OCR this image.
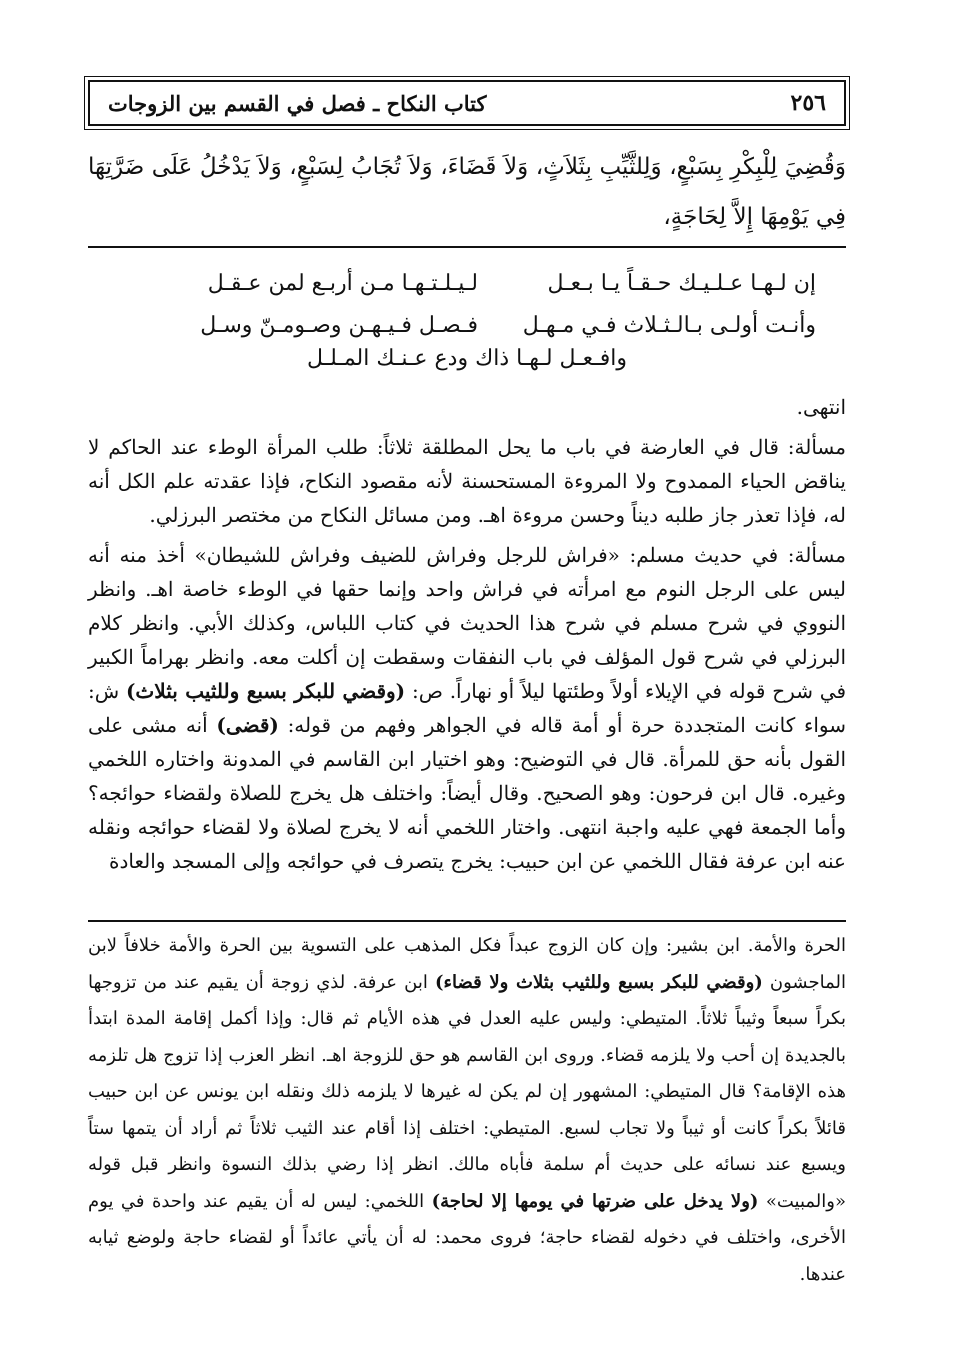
٢٥٦
كتاب النكاح ـ فصل في القسم بين الزوجات
وَقُضِيَ لِلْبِكْرِ بِسَبْعٍ، وَلِلثَّيِّبِ بِثَلاَثٍ، وَلاَ قَضَاءَ، وَلاَ تُجَابُ لِسَبْعٍ، وَلاَ يَدْخُلُ عَلَى ضَرَّتِهَا فِي يَوْمِهَا إِلاَّ لِحَاجَةٍ،
إن لـهـا عـلـيـك حـقـاً يـا بـعـل
لـيـلـتـهـا مـن أربـع لمن عـقـل
وأنـت أولـى بـالـثـلاث فـي مـهـل
فـصـل فـيـهـن وصـومـنّ وسـل
وافـعـل لـهـا ذاك ودع عـنـك المـلـل

انتهى.

مسألة: قال في العارضة في باب ما يحل المطلقة ثلاثاً: طلب المرأة الوطء عند الحاكم لا يناقض الحياء الممدوح ولا المروءة المستحسنة لأنه مقصود النكاح، فإذا عقدته علم الكل أنه له، فإذا تعذر جاز طلبه ديناً وحسن مروءة اهـ. ومن مسائل النكاح من مختصر البرزلي.

مسألة: في حديث مسلم: «فراش للرجل وفراش للضيف وفراش للشيطان» أخذ منه أنه ليس على الرجل النوم مع امرأته في فراش واحد وإنما حقها في الوطء خاصة اهـ. وانظر النووي في شرح مسلم في شرح هذا الحديث في كتاب اللباس، وكذلك الأبي. وانظر كلام البرزلي في شرح قول المؤلف في باب النفقات وسقطت إن أكلت معه. وانظر بهراماً الكبير في شرح قوله في الإيلاء أولاً وطئتها ليلاً أو نهاراً. ص: (وقضي للبكر بسبع وللثيب بثلاث) ش: سواء كانت المتجددة حرة أو أمة قاله في الجواهر وفهم من قوله: (قضى) أنه مشى على القول بأنه حق للمرأة. قال في التوضيح: وهو اختيار ابن القاسم في المدونة واختاره اللخمي وغيره. قال ابن فرحون: وهو الصحيح. وقال أيضاً: واختلف هل يخرج للصلاة ولقضاء حوائجه؟ وأما الجمعة فهي عليه واجبة انتهى. واختار اللخمي أنه لا يخرج لصلاة ولا لقضاء حوائجه ونقله عنه ابن عرفة فقال اللخمي عن ابن حبيب: يخرج يتصرف في حوائجه وإلى المسجد والعادة

الحرة والأمة. ابن بشير: وإن كان الزوج عبداً فكل المذهب على التسوية بين الحرة والأمة خلافاً لابن الماجشون (وقضي للبكر بسبع وللثيب بثلاث ولا قضاء) ابن عرفة. لذي زوجة أن يقيم عند من تزوجها بكراً سبعاً وثيباً ثلاثاً. المتيطي: وليس عليه العدل في هذه الأيام ثم قال: وإذا أكمل إقامة المدة ابتدأ بالجديدة إن أحب ولا يلزمه قضاء. وروى ابن القاسم هو حق للزوجة اهـ. انظر العزب إذا تزوج هل تلزمه هذه الإقامة؟ قال المتيطي: المشهور إن لم يكن له غيرها لا يلزمه ذلك ونقله ابن يونس عن ابن حبيب قائلاً بكراً كانت أو ثيباً ولا تجاب لسبع. المتيطي: اختلف إذا أقام عند الثيب ثلاثاً ثم أراد أن يتمها ستاً ويسبع عند نسائه على حديث أم سلمة فأباه مالك. انظر إذا رضي بذلك النسوة وانظر قبل قوله «والمبيت» (ولا يدخل على ضرتها في يومها إلا لحاجة) اللخمي: ليس له أن يقيم عند واحدة في يوم الأخرى، واختلف في دخوله لقضاء حاجة؛ فروى محمد: له أن يأتي عائداً أو لقضاء حاجة ولوضع ثيابه عندها.
